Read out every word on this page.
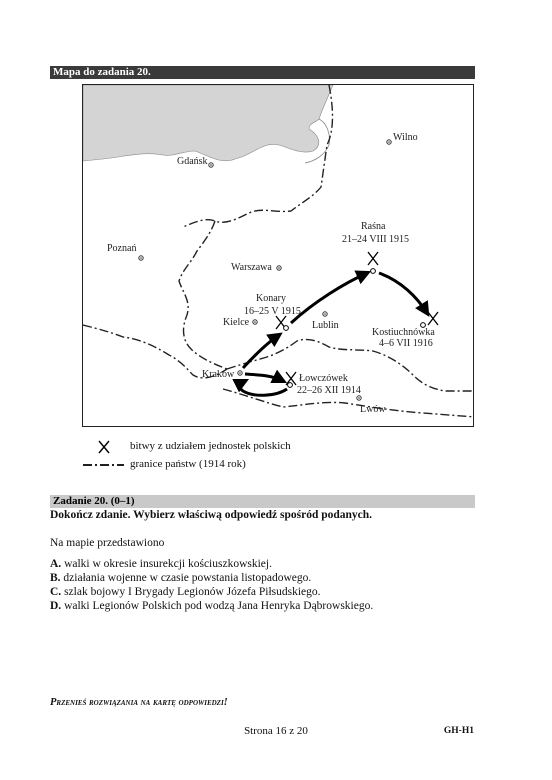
Mapa do zadania 20.
Wilno
Gdańsk
Poznań
Warszawa
Lublin
Kielce
Kraków
Lwów
Raśna
21–24 VIII 1915
Konary
16–25 V 1915
Kostiuchnówka
4–6 VII 1916
Łowczówek
22–26 XII 1914
bitwy z udziałem jednostek polskich
granice państw (1914 rok)
Zadanie 20. (0–1)
Dokończ zdanie. Wybierz właściwą odpowiedź spośród podanych.
Na mapie przedstawiono
A. walki w okresie insurekcji kościuszkowskiej.
B. działania wojenne w czasie powstania listopadowego.
C. szlak bojowy I Brygady Legionów Józefa Piłsudskiego.
D. walki Legionów Polskich pod wodzą Jana Henryka Dąbrowskiego.
Przenieś rozwiązania na kartę odpowiedzi!
Strona 16 z 20	GH-H1
